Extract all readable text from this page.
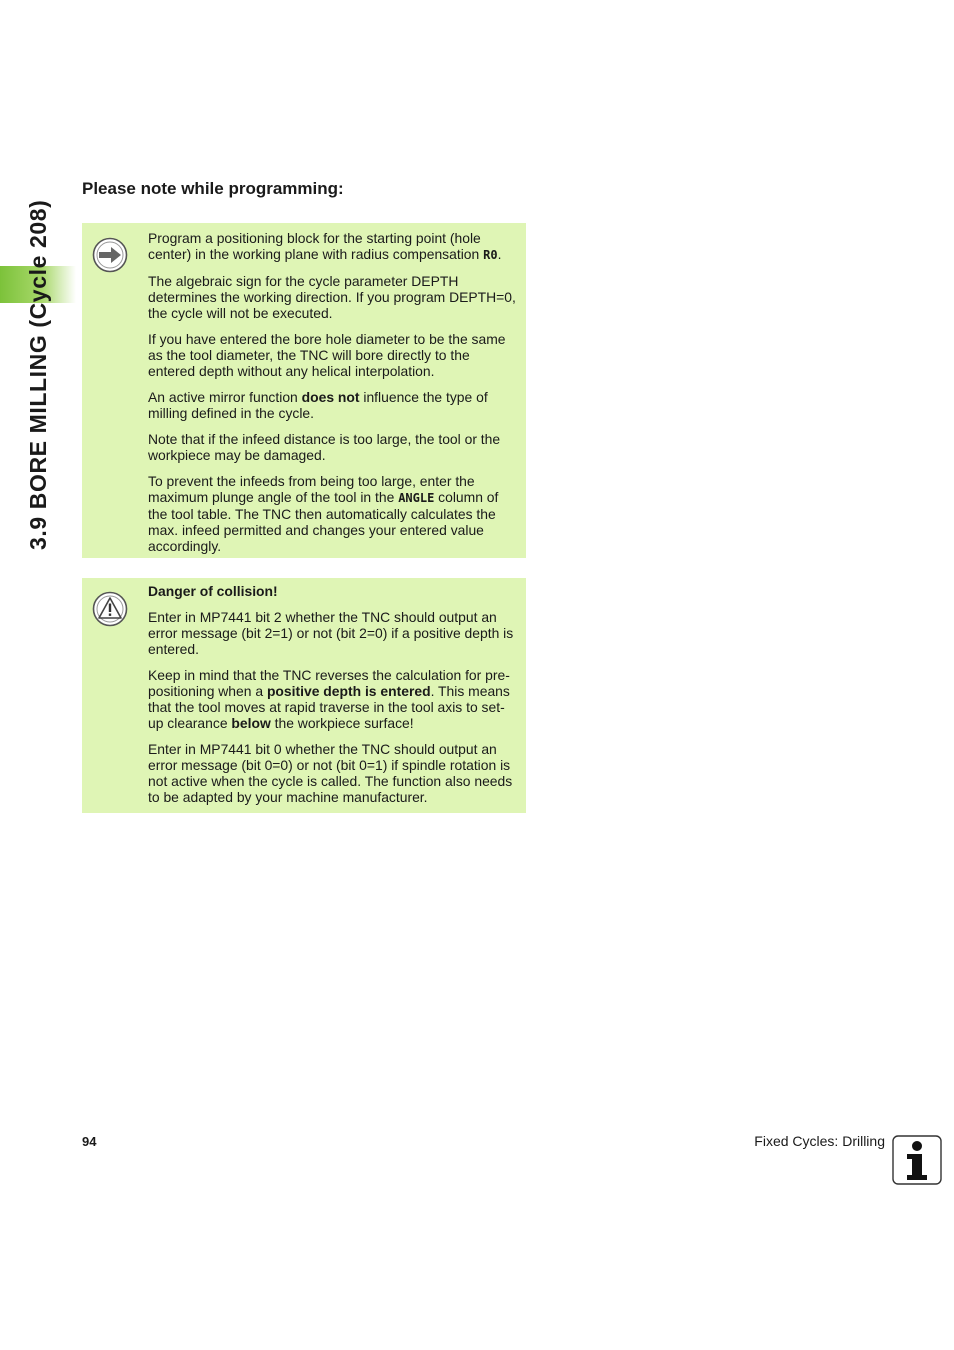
3.9 BORE MILLING (Cycle 208)
Please note while programming:

Program a positioning block for the starting point (hole center) in the working plane with radius compensation R0.

The algebraic sign for the cycle parameter DEPTH determines the working direction. If you program DEPTH=0, the cycle will not be executed.

If you have entered the bore hole diameter to be the same as the tool diameter, the TNC will bore directly to the entered depth without any helical interpolation.

An active mirror function does not influence the type of milling defined in the cycle.

Note that if the infeed distance is too large, the tool or the workpiece may be damaged.

To prevent the infeeds from being too large, enter the maximum plunge angle of the tool in the ANGLE column of the tool table. The TNC then automatically calculates the max. infeed permitted and changes your entered value accordingly.

Danger of collision!

Enter in MP7441 bit 2 whether the TNC should output an error message (bit 2=1) or not (bit 2=0) if a positive depth is entered.

Keep in mind that the TNC reverses the calculation for pre-positioning when a positive depth is entered. This means that the tool moves at rapid traverse in the tool axis to set-up clearance below the workpiece surface!

Enter in MP7441 bit 0 whether the TNC should output an error message (bit 0=0) or not (bit 0=1) if spindle rotation is not active when the cycle is called. The function also needs to be adapted by your machine manufacturer.

94	Fixed Cycles: Drilling
